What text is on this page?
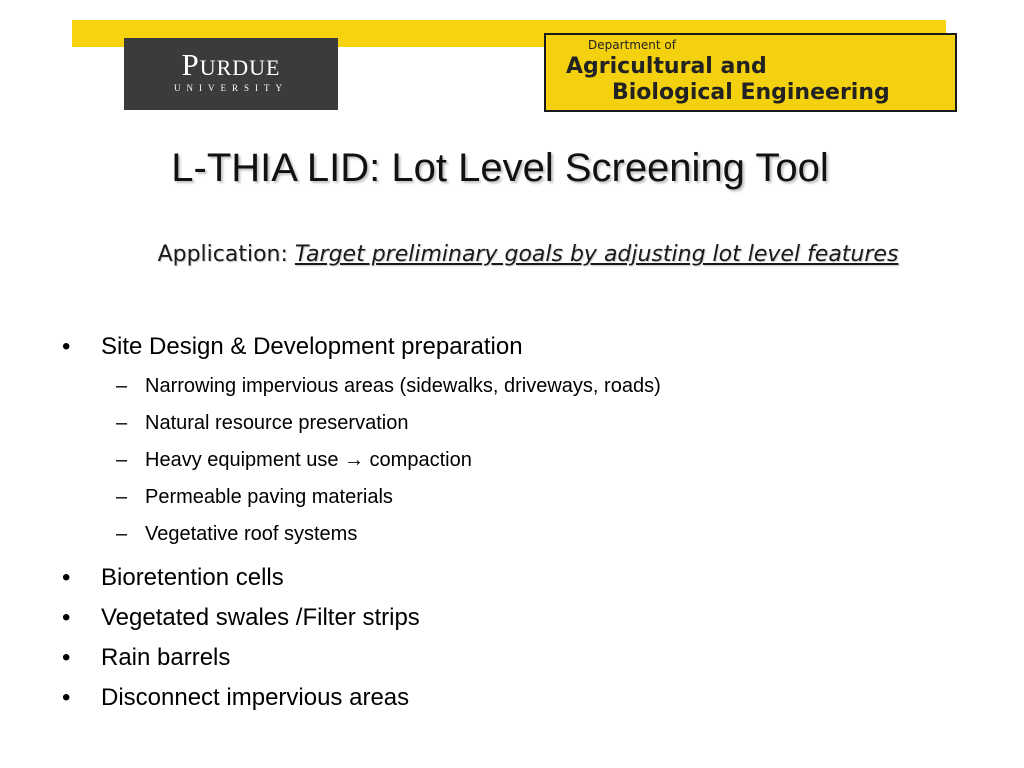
Purdue
UNIVERSITY
Department of
Agricultural and
Biological Engineering
L-THIA LID: Lot Level Screening Tool
Application: Target preliminary goals by adjusting lot level features
• Site Design & Development preparation
– Narrowing impervious areas (sidewalks, driveways, roads)
– Natural resource preservation
– Heavy equipment use → compaction
– Permeable paving materials
– Vegetative roof systems
• Bioretention cells
• Vegetated swales /Filter strips
• Rain barrels
• Disconnect impervious areas
